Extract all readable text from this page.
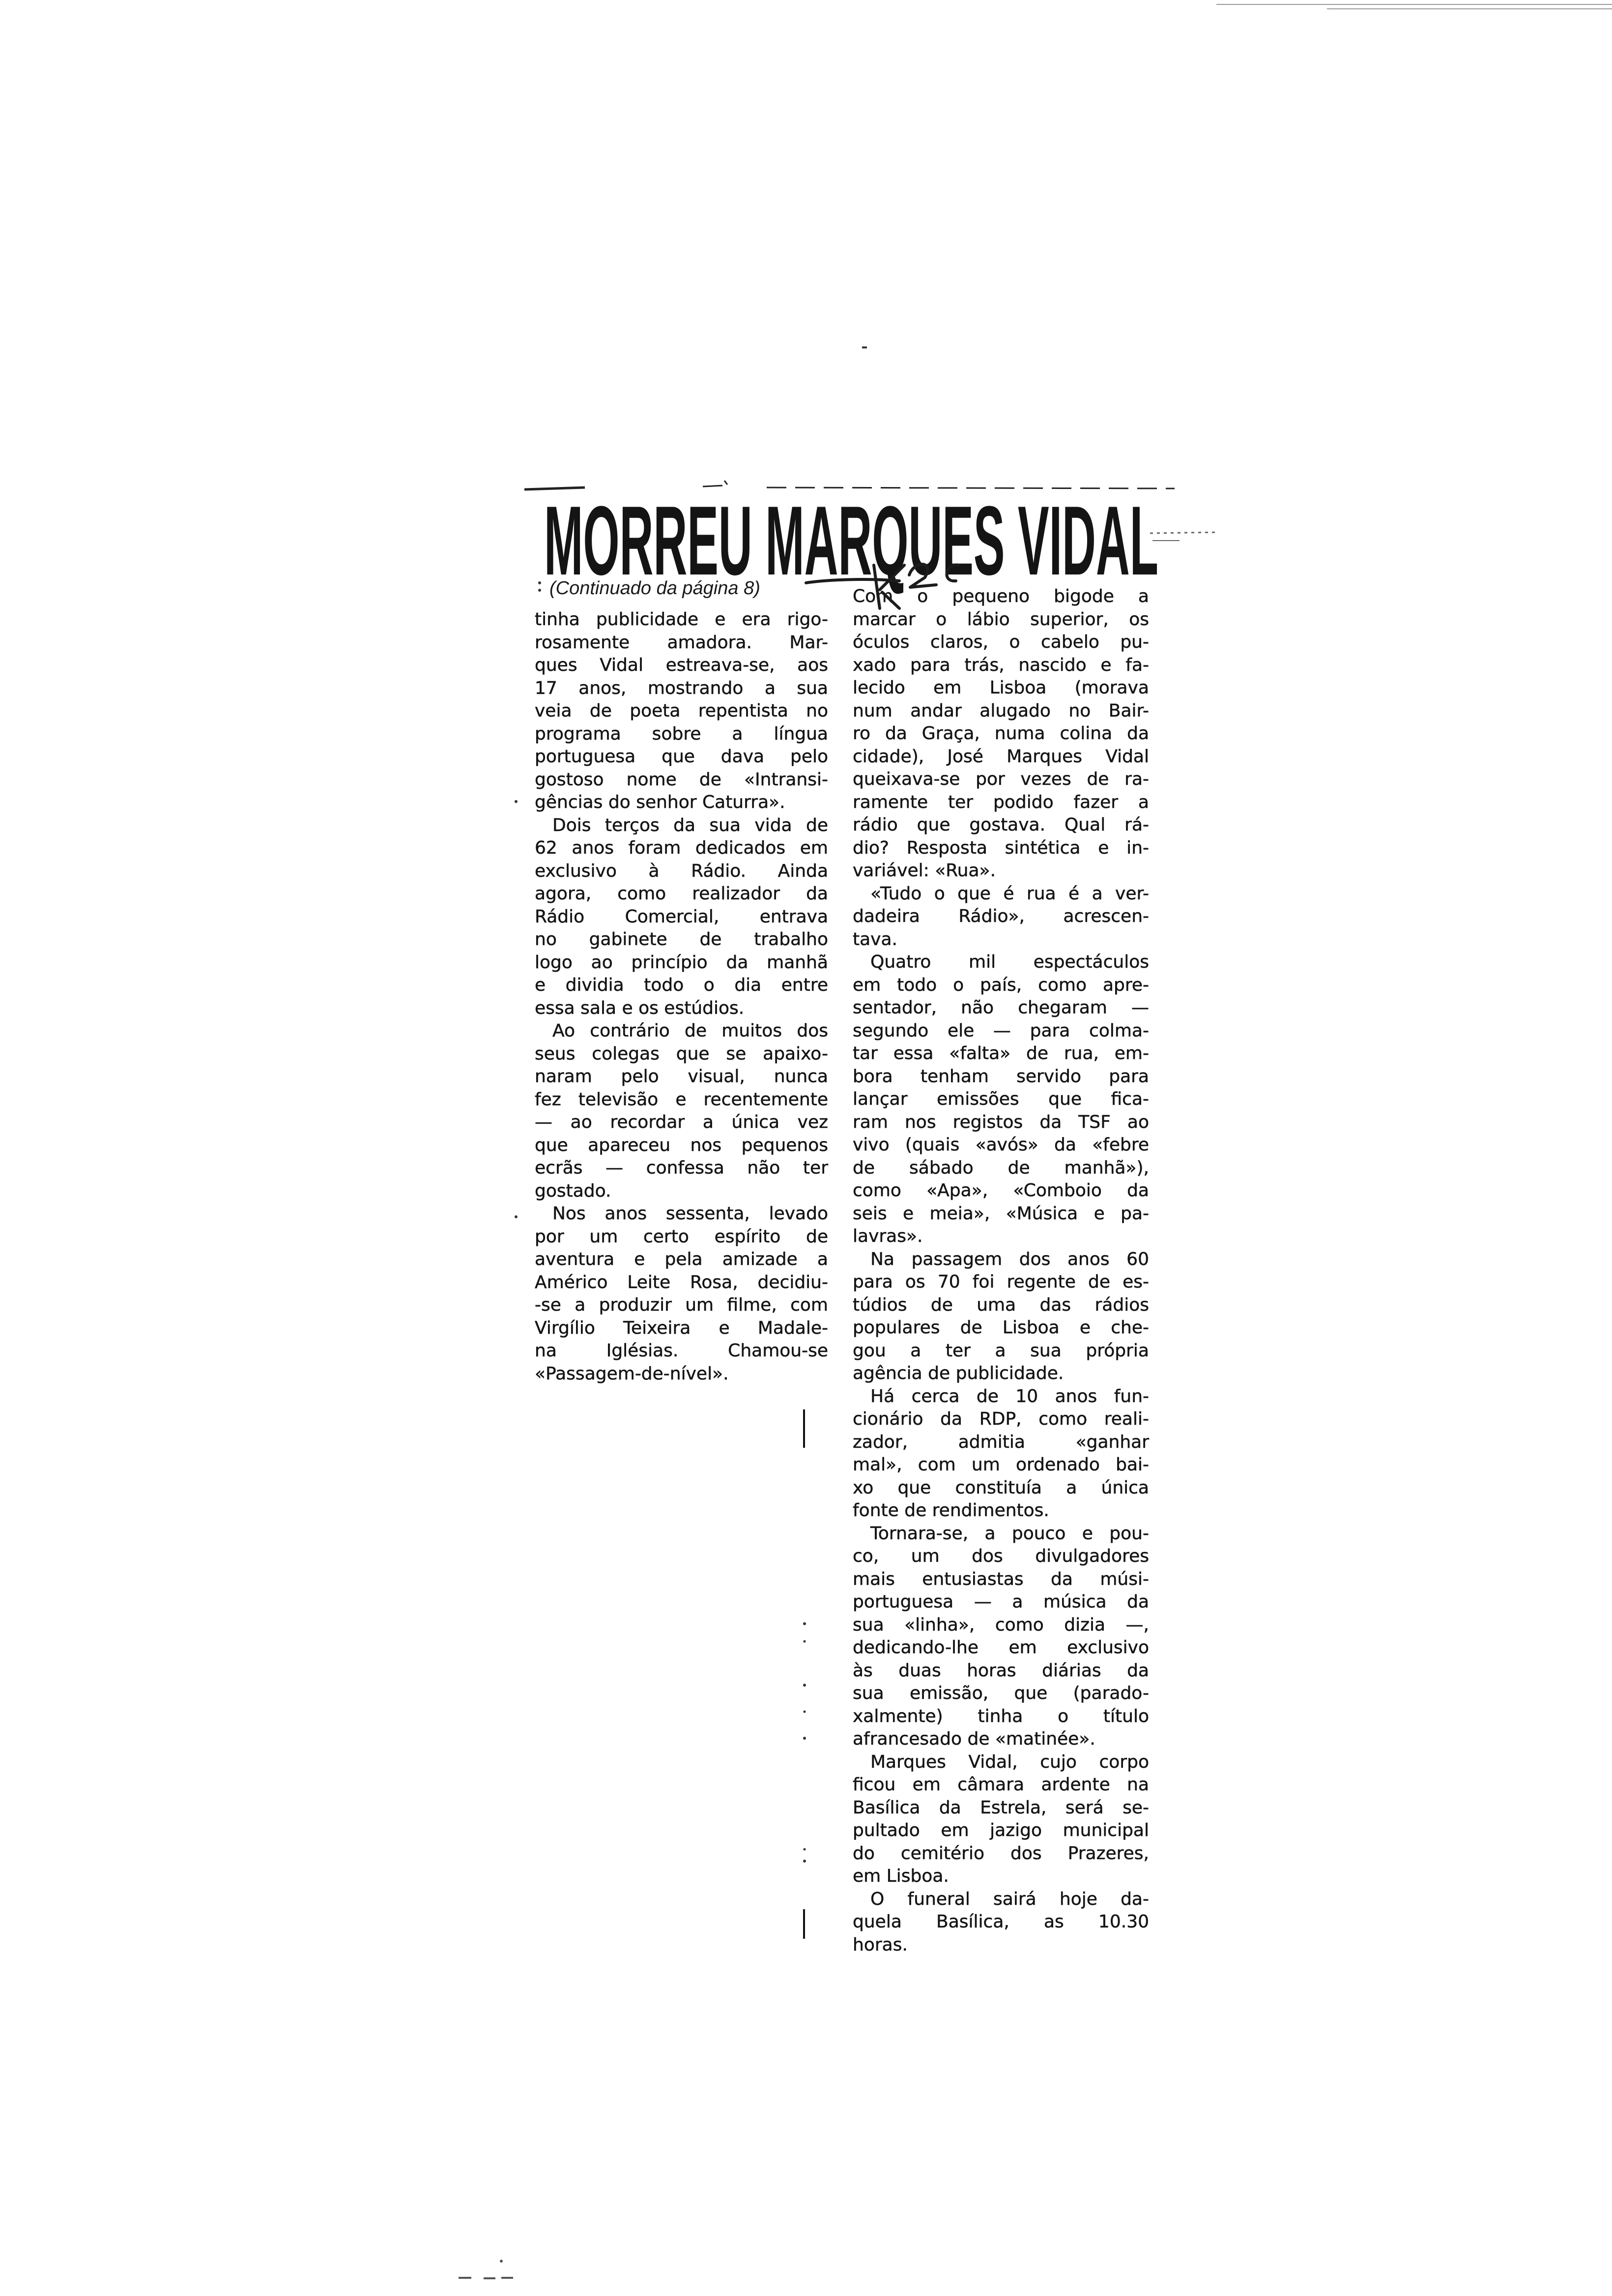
MORREU MARQUES VIDAL
(Continuado da página 8)
tinha publicidade e era rigo-
rosamente amadora. Mar-
ques Vidal estreava-se, aos
17 anos, mostrando a sua
veia de poeta repentista no
programa sobre a língua
portuguesa que dava pelo
gostoso nome de «Intransi-
gências do senhor Caturra».
Dois terços da sua vida de
62 anos foram dedicados em
exclusivo à Rádio. Ainda
agora, como realizador da
Rádio Comercial, entrava
no gabinete de trabalho
logo ao princípio da manhã
e dividia todo o dia entre
essa sala e os estúdios.
Ao contrário de muitos dos
seus colegas que se apaixo-
naram pelo visual, nunca
fez televisão e recentemente
— ao recordar a única vez
que apareceu nos pequenos
ecrãs — confessa não ter
gostado.
Nos anos sessenta, levado
por um certo espírito de
aventura e pela amizade a
Américo Leite Rosa, decidiu-
-se a produzir um filme, com
Virgílio Teixeira e Madale-
na Iglésias. Chamou-se
«Passagem-de-nível».
Com o pequeno bigode a
marcar o lábio superior, os
óculos claros, o cabelo pu-
xado para trás, nascido e fa-
lecido em Lisboa (morava
num andar alugado no Bair-
ro da Graça, numa colina da
cidade), José Marques Vidal
queixava-se por vezes de ra-
ramente ter podido fazer a
rádio que gostava. Qual rá-
dio? Resposta sintética e in-
variável: «Rua».
«Tudo o que é rua é a ver-
dadeira Rádio», acrescen-
tava.
Quatro mil espectáculos
em todo o país, como apre-
sentador, não chegaram —
segundo ele — para colma-
tar essa «falta» de rua, em-
bora tenham servido para
lançar emissões que fica-
ram nos registos da TSF ao
vivo (quais «avós» da «febre
de sábado de manhã»),
como «Apa», «Comboio da
seis e meia», «Música e pa-
lavras».
Na passagem dos anos 60
para os 70 foi regente de es-
túdios de uma das rádios
populares de Lisboa e che-
gou a ter a sua própria
agência de publicidade.
Há cerca de 10 anos fun-
cionário da RDP, como reali-
zador, admitia «ganhar
mal», com um ordenado bai-
xo que constituía a única
fonte de rendimentos.
Tornara-se, a pouco e pou-
co, um dos divulgadores
mais entusiastas da músi-
portuguesa — a música da
sua «linha», como dizia —,
dedicando-lhe em exclusivo
às duas horas diárias da
sua emissão, que (parado-
xalmente) tinha o título
afrancesado de «matinée».
Marques Vidal, cujo corpo
ficou em câmara ardente na
Basílica da Estrela, será se-
pultado em jazigo municipal
do cemitério dos Prazeres,
em Lisboa.
O funeral sairá hoje da-
quela Basílica, as 10.30
horas.
